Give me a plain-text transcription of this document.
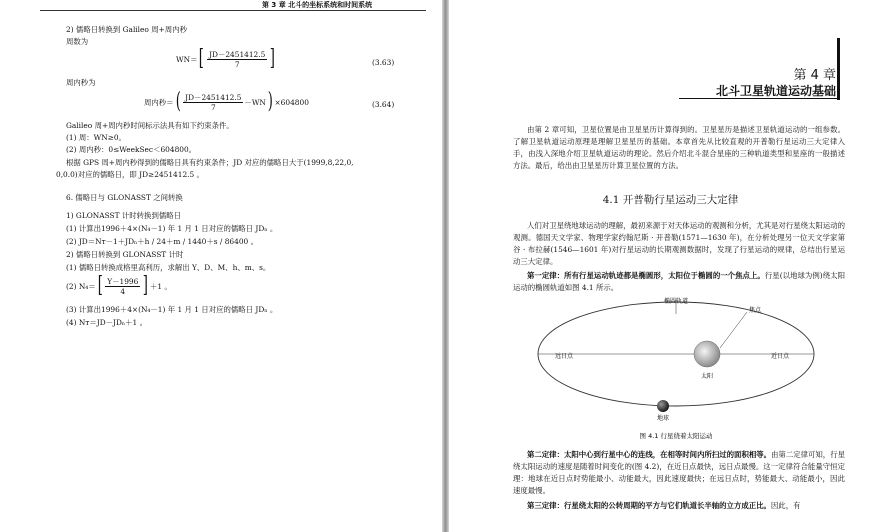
第 3 章 北斗的坐标系统和时间系统
2) 儒略日转换到 Galileo 周+周内秒
周数为
WN＝ [ $\frac{JD-2451412.5}{7}$ ]	(3.63)
周内秒为
周内秒＝ ( $\frac{JD-2451412.5}{7} -WN$ ) ×604800	(3.64)
Galileo 周+周内秒时间标示法具有如下约束条件。
(1) 周：WN≥0。
(2) 周内秒：0≤WeekSec＜604800。
根据 GPS 周+周内秒得到的儒略日具有约束条件；JD 对应的儒略日大于(1999,8,22,0,
0,0.0)对应的儒略日，即 JD≥2451412.5 。
6. 儒略日与 GLONASST 之间转换
1) GLONASST 计时转换到儒略日
(1) 计算出1996＋4×(N₄－1) 年 1 月 1 日对应的儒略日 JDₙ 。
(2) JD＝Nᴛ－1＋JDₙ＋h / 24＋m / 1440＋s / 86400 。
2) 儒略日转换到 GLONASST 计时
(1) 儒略日转换成格里高利历，求解出 Y、D、M、h、m、s。
(2) N₄＝ [ $\frac{Y-1996}{4}$ ] ＋1 。
(3) 计算出1996＋4×(N₄－1) 年 1 月 1 日对应的儒略日 JDₙ 。
(4) Nᴛ＝JD－JDₙ＋1 。
第 4 章
北斗卫星轨道运动基础
由第 2 章可知，卫星位置是由卫星星历计算得到的。卫星星历是描述卫星轨道运动的一组参数。了解卫星轨道运动原理是理解卫星星历的基础。本章首先从比较直观的开普勒行星运动三大定律入手，由浅入深地介绍卫星轨道运动的理论。然后介绍北斗混合星座的三种轨道类型和星座的一般描述方法。最后，给出由卫星星历计算卫星位置的方法。
4.1 开普勒行星运动三大定律
人们对卫星绕地球运动的理解，最初来源于对天体运动的观测和分析，尤其是对行星绕太阳运动的观测。德国天文学家、物理学家约翰尼斯 · 开普勒(1571—1630 年)，在分析处理另一位天文学家第谷 · 布拉赫(1546—1601 年)对行星运动的长期观测数据时，发现了行星运动的规律，总结出行星运动三大定律。
第一定律：所有行星运动轨迹都是椭圆形，太阳位于椭圆的一个焦点上。行星(以地球为例)绕太阳运动的椭圆轨道如图 4.1 所示。
椭圆轨道
焦点
远日点	近日点
太阳
地球
图 4.1 行星绕着太阳运动
第二定律：太阳中心到行星中心的连线，在相等时间内所扫过的面积相等。由第二定律可知，行星绕太阳运动的速度是随着时间变化的(图 4.2)，在近日点最快，远日点最慢。这一定律符合能量守恒定理：地球在近日点时势能最小、动能最大，因此速度最快；在远日点时，势能最大、动能最小，因此速度最慢。
第三定律：行星绕太阳的公转周期的平方与它们轨道长半轴的立方成正比。因此，有
